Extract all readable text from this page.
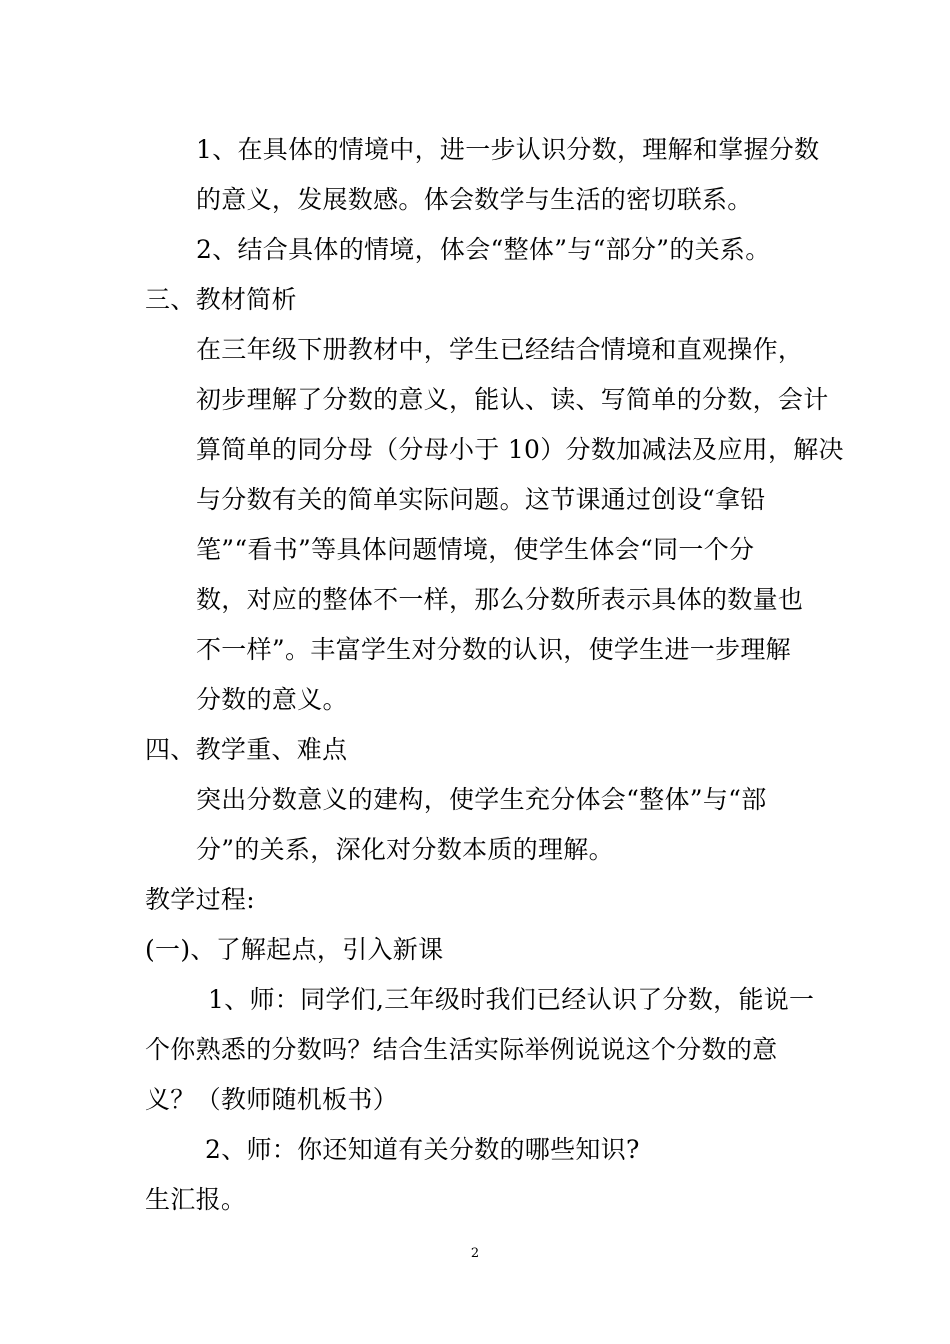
1、在具体的情境中，进一步认识分数，理解和掌握分数
的意义，发展数感。体会数学与生活的密切联系。
2、结合具体的情境，体会“整体”与“部分”的关系。
三、教材简析
在三年级下册教材中，学生已经结合情境和直观操作，
初步理解了分数的意义，能认、读、写简单的分数，会计
算简单的同分母（分母小于 10）分数加减法及应用，解决
与分数有关的简单实际问题。这节课通过创设“拿铅
笔”“看书”等具体问题情境，使学生体会“同一个分
数，对应的整体不一样，那么分数所表示具体的数量也
不一样”。丰富学生对分数的认识，使学生进一步理解
分数的意义。
四、教学重、难点
突出分数意义的建构，使学生充分体会“整体”与“部
分”的关系，深化对分数本质的理解。
教学过程:
(一)、了解起点，引入新课
1、师：同学们,三年级时我们已经认识了分数，能说一
个你熟悉的分数吗？结合生活实际举例说说这个分数的意
义？（教师随机板书）
2、师：你还知道有关分数的哪些知识?
生汇报。
2
